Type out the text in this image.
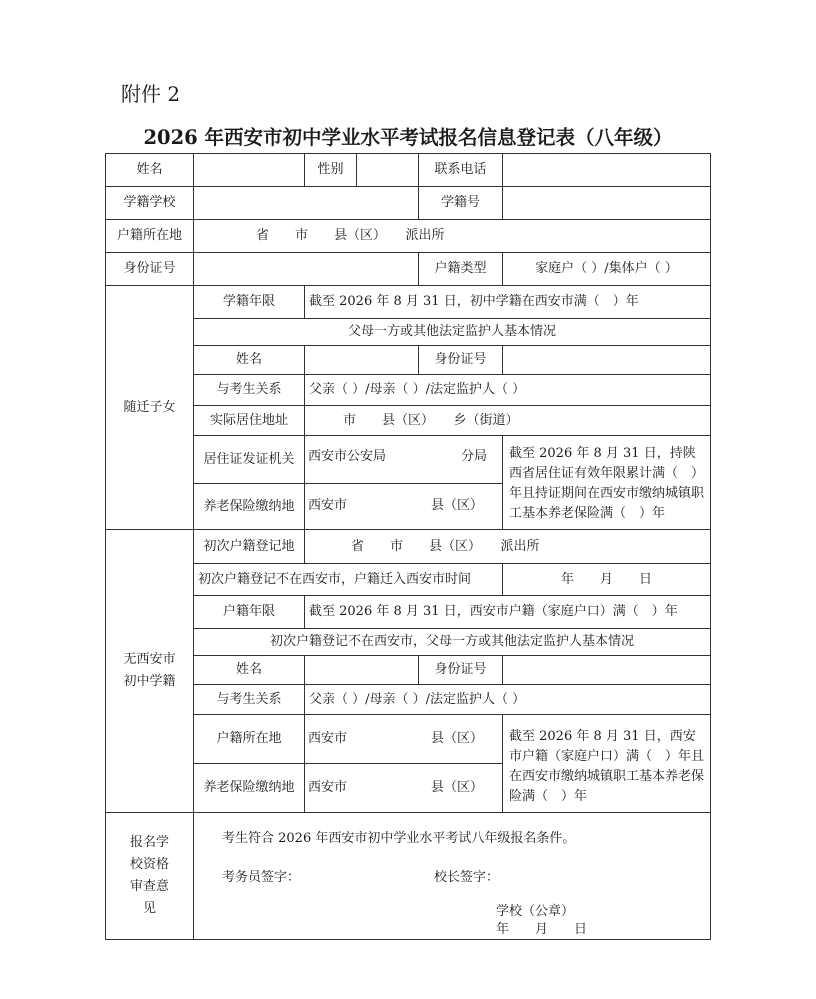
附件 2
2026 年西安市初中学业水平考试报名信息登记表（八年级）
姓名	性别	联系电话
学籍学校	学籍号
户籍所在地	省　　市　　县（区）　　派出所
身份证号	户籍类型	家庭户（ ）/集体户（ ）
随迁子女
学籍年限	截至 2026 年 8 月 31 日，初中学籍在西安市满（　）年
父母一方或其他法定监护人基本情况
姓名	身份证号
与考生关系	父亲（ ）/母亲（ ）/法定监护人（ ）
实际居住地址	市　　县（区）　　乡（街道）
居住证发证机关	西安市公安局	分局
养老保险缴纳地	西安市	县（区）
截至 2026 年 8 月 31 日，持陕西省居住证有效年限累计满（　）年且持证期间在西安市缴纳城镇职工基本养老保险满（　）年
无西安市初中学籍
初次户籍登记地	省　　市　　县（区）　　派出所
初次户籍登记不在西安市，户籍迁入西安市时间	年　　月　　日
户籍年限	截至 2026 年 8 月 31 日，西安市户籍（家庭户口）满（　）年
初次户籍登记不在西安市，父母一方或其他法定监护人基本情况
姓名	身份证号
与考生关系	父亲（ ）/母亲（ ）/法定监护人（ ）
户籍所在地	西安市	县（区）
养老保险缴纳地	西安市	县（区）
截至 2026 年 8 月 31 日，西安市户籍（家庭户口）满（　）年且在西安市缴纳城镇职工基本养老保险满（　）年
报名学校资格审查意见
考生符合 2026 年西安市初中学业水平考试八年级报名条件。
考务员签字：	校长签字：
学校（公章）
年　　月　　日
